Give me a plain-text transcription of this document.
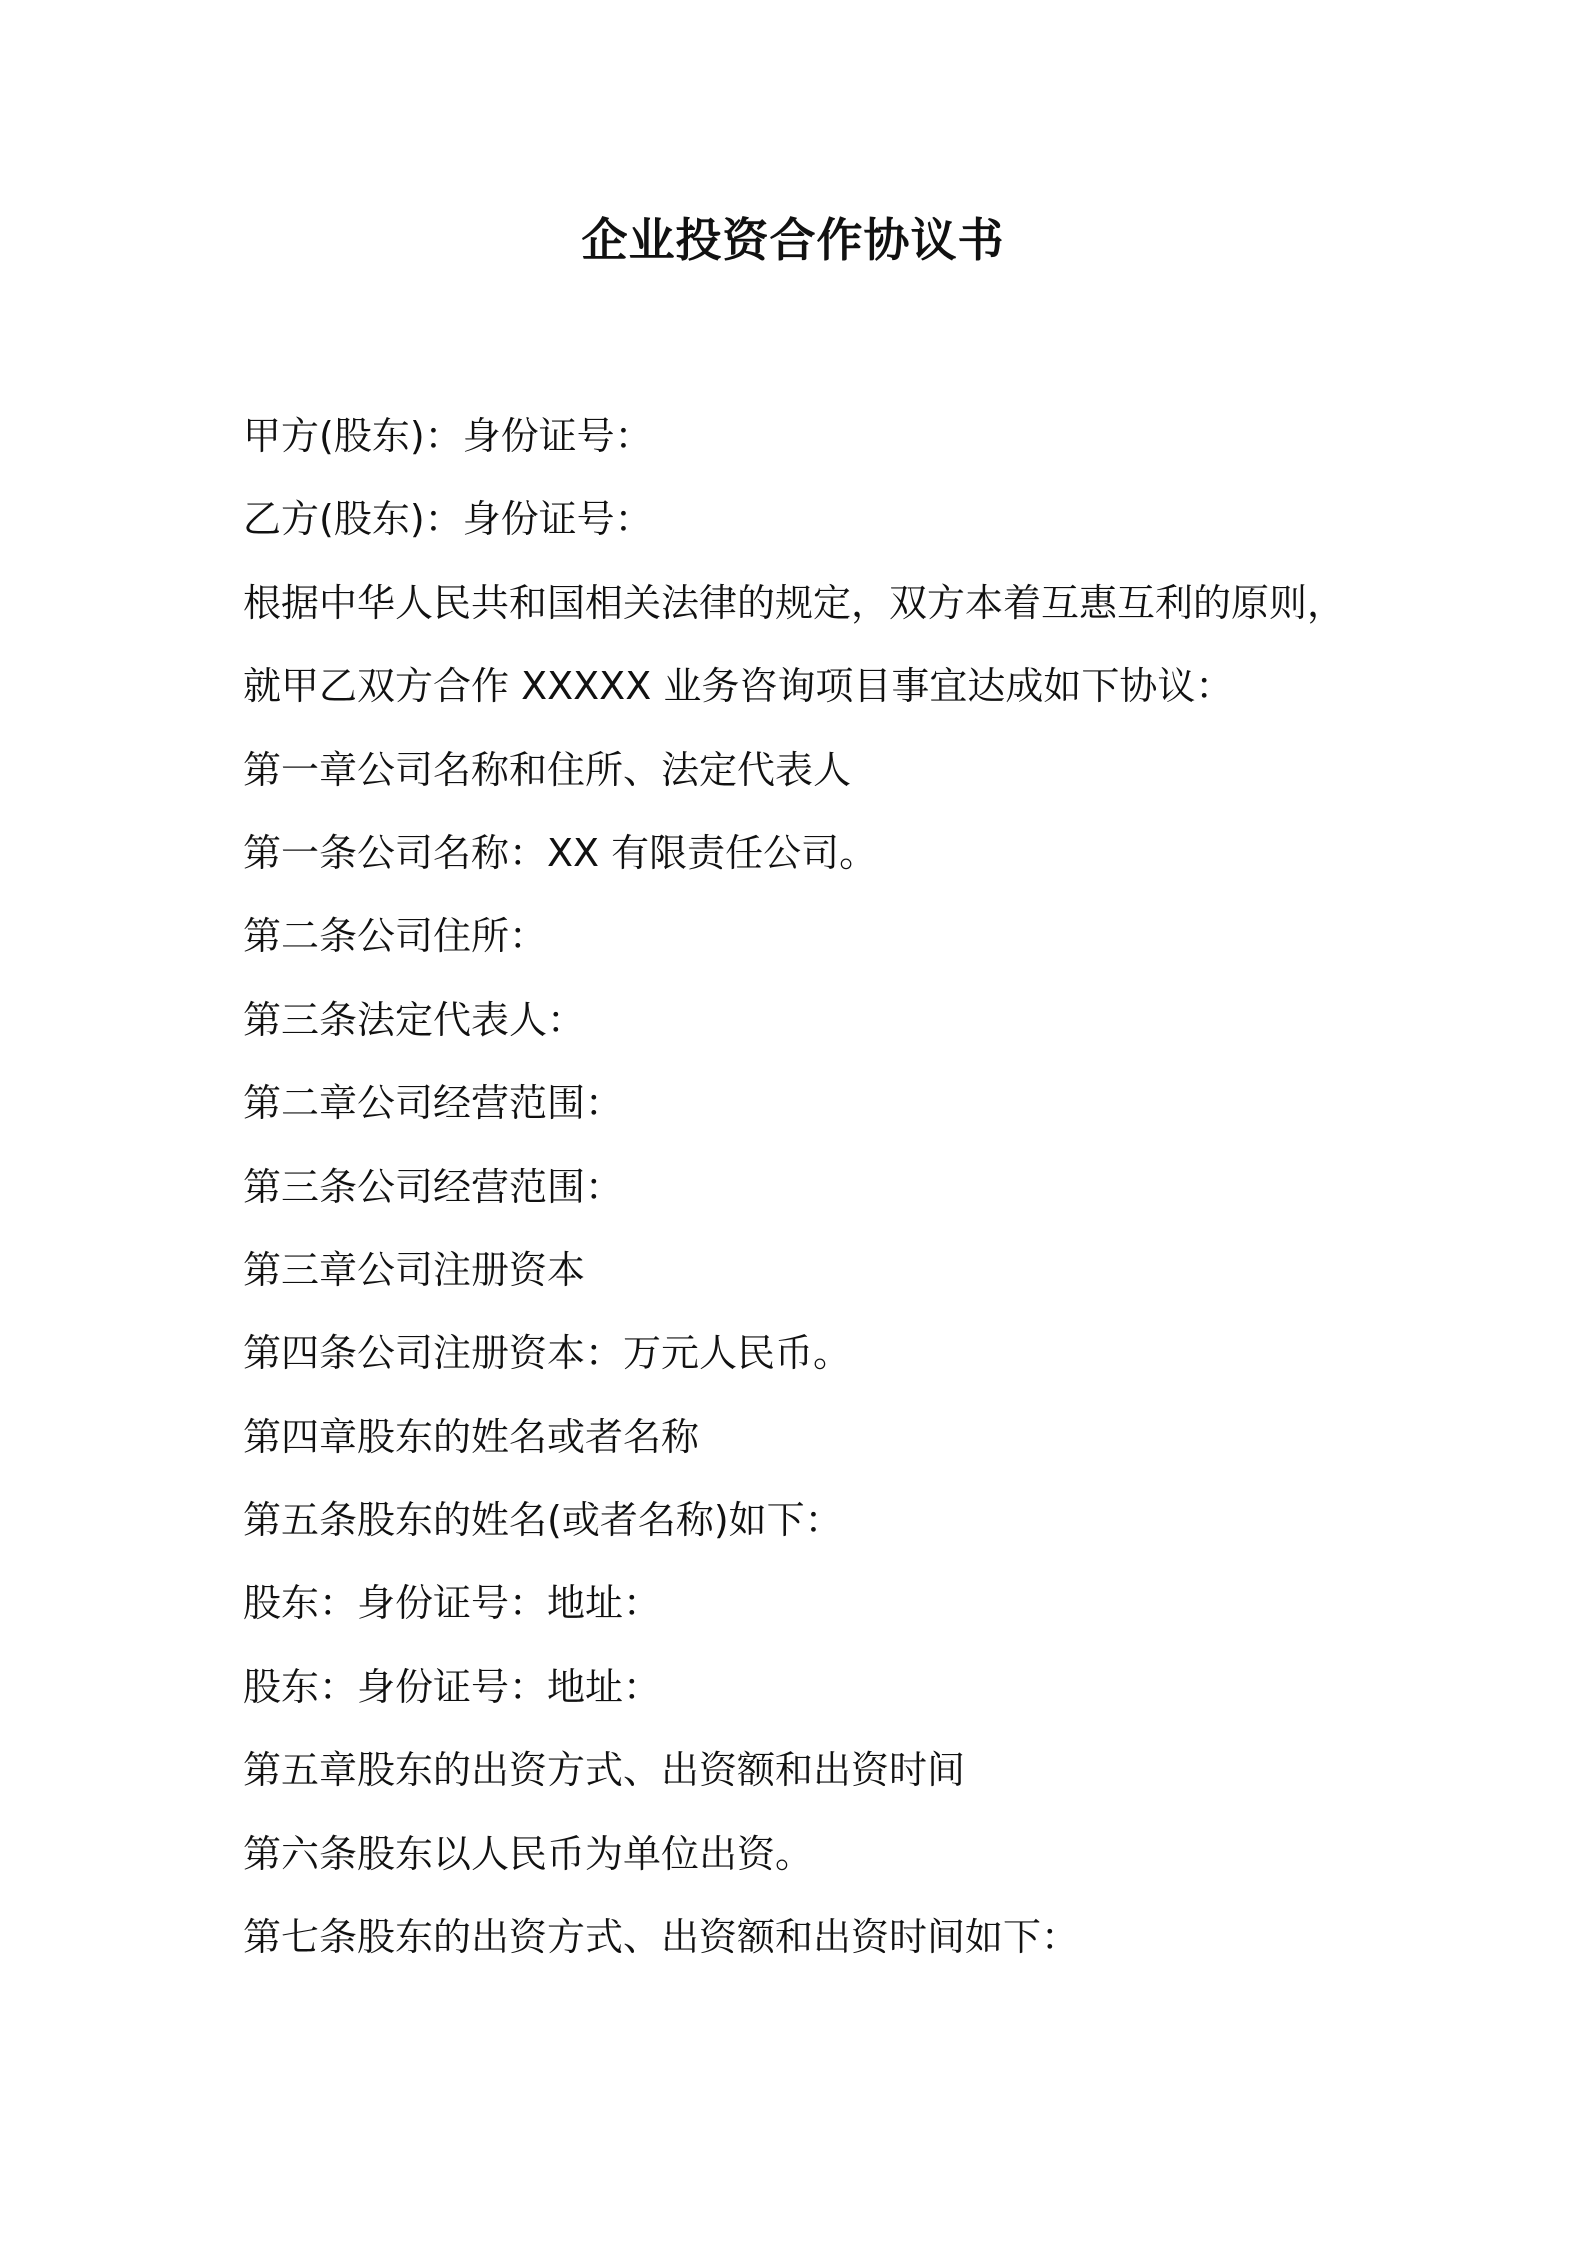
企业投资合作协议书

甲方(股东)：身份证号：

乙方(股东)：身份证号：

根据中华人民共和国相关法律的规定，双方本着互惠互利的原则，

就甲乙双方合作 XXXXX 业务咨询项目事宜达成如下协议：

第一章公司名称和住所、法定代表人

第一条公司名称：XX 有限责任公司。

第二条公司住所：

第三条法定代表人：

第二章公司经营范围：

第三条公司经营范围：

第三章公司注册资本

第四条公司注册资本：万元人民币。

第四章股东的姓名或者名称

第五条股东的姓名(或者名称)如下：

股东：身份证号：地址：

股东：身份证号：地址：

第五章股东的出资方式、出资额和出资时间

第六条股东以人民币为单位出资。

第七条股东的出资方式、出资额和出资时间如下：
